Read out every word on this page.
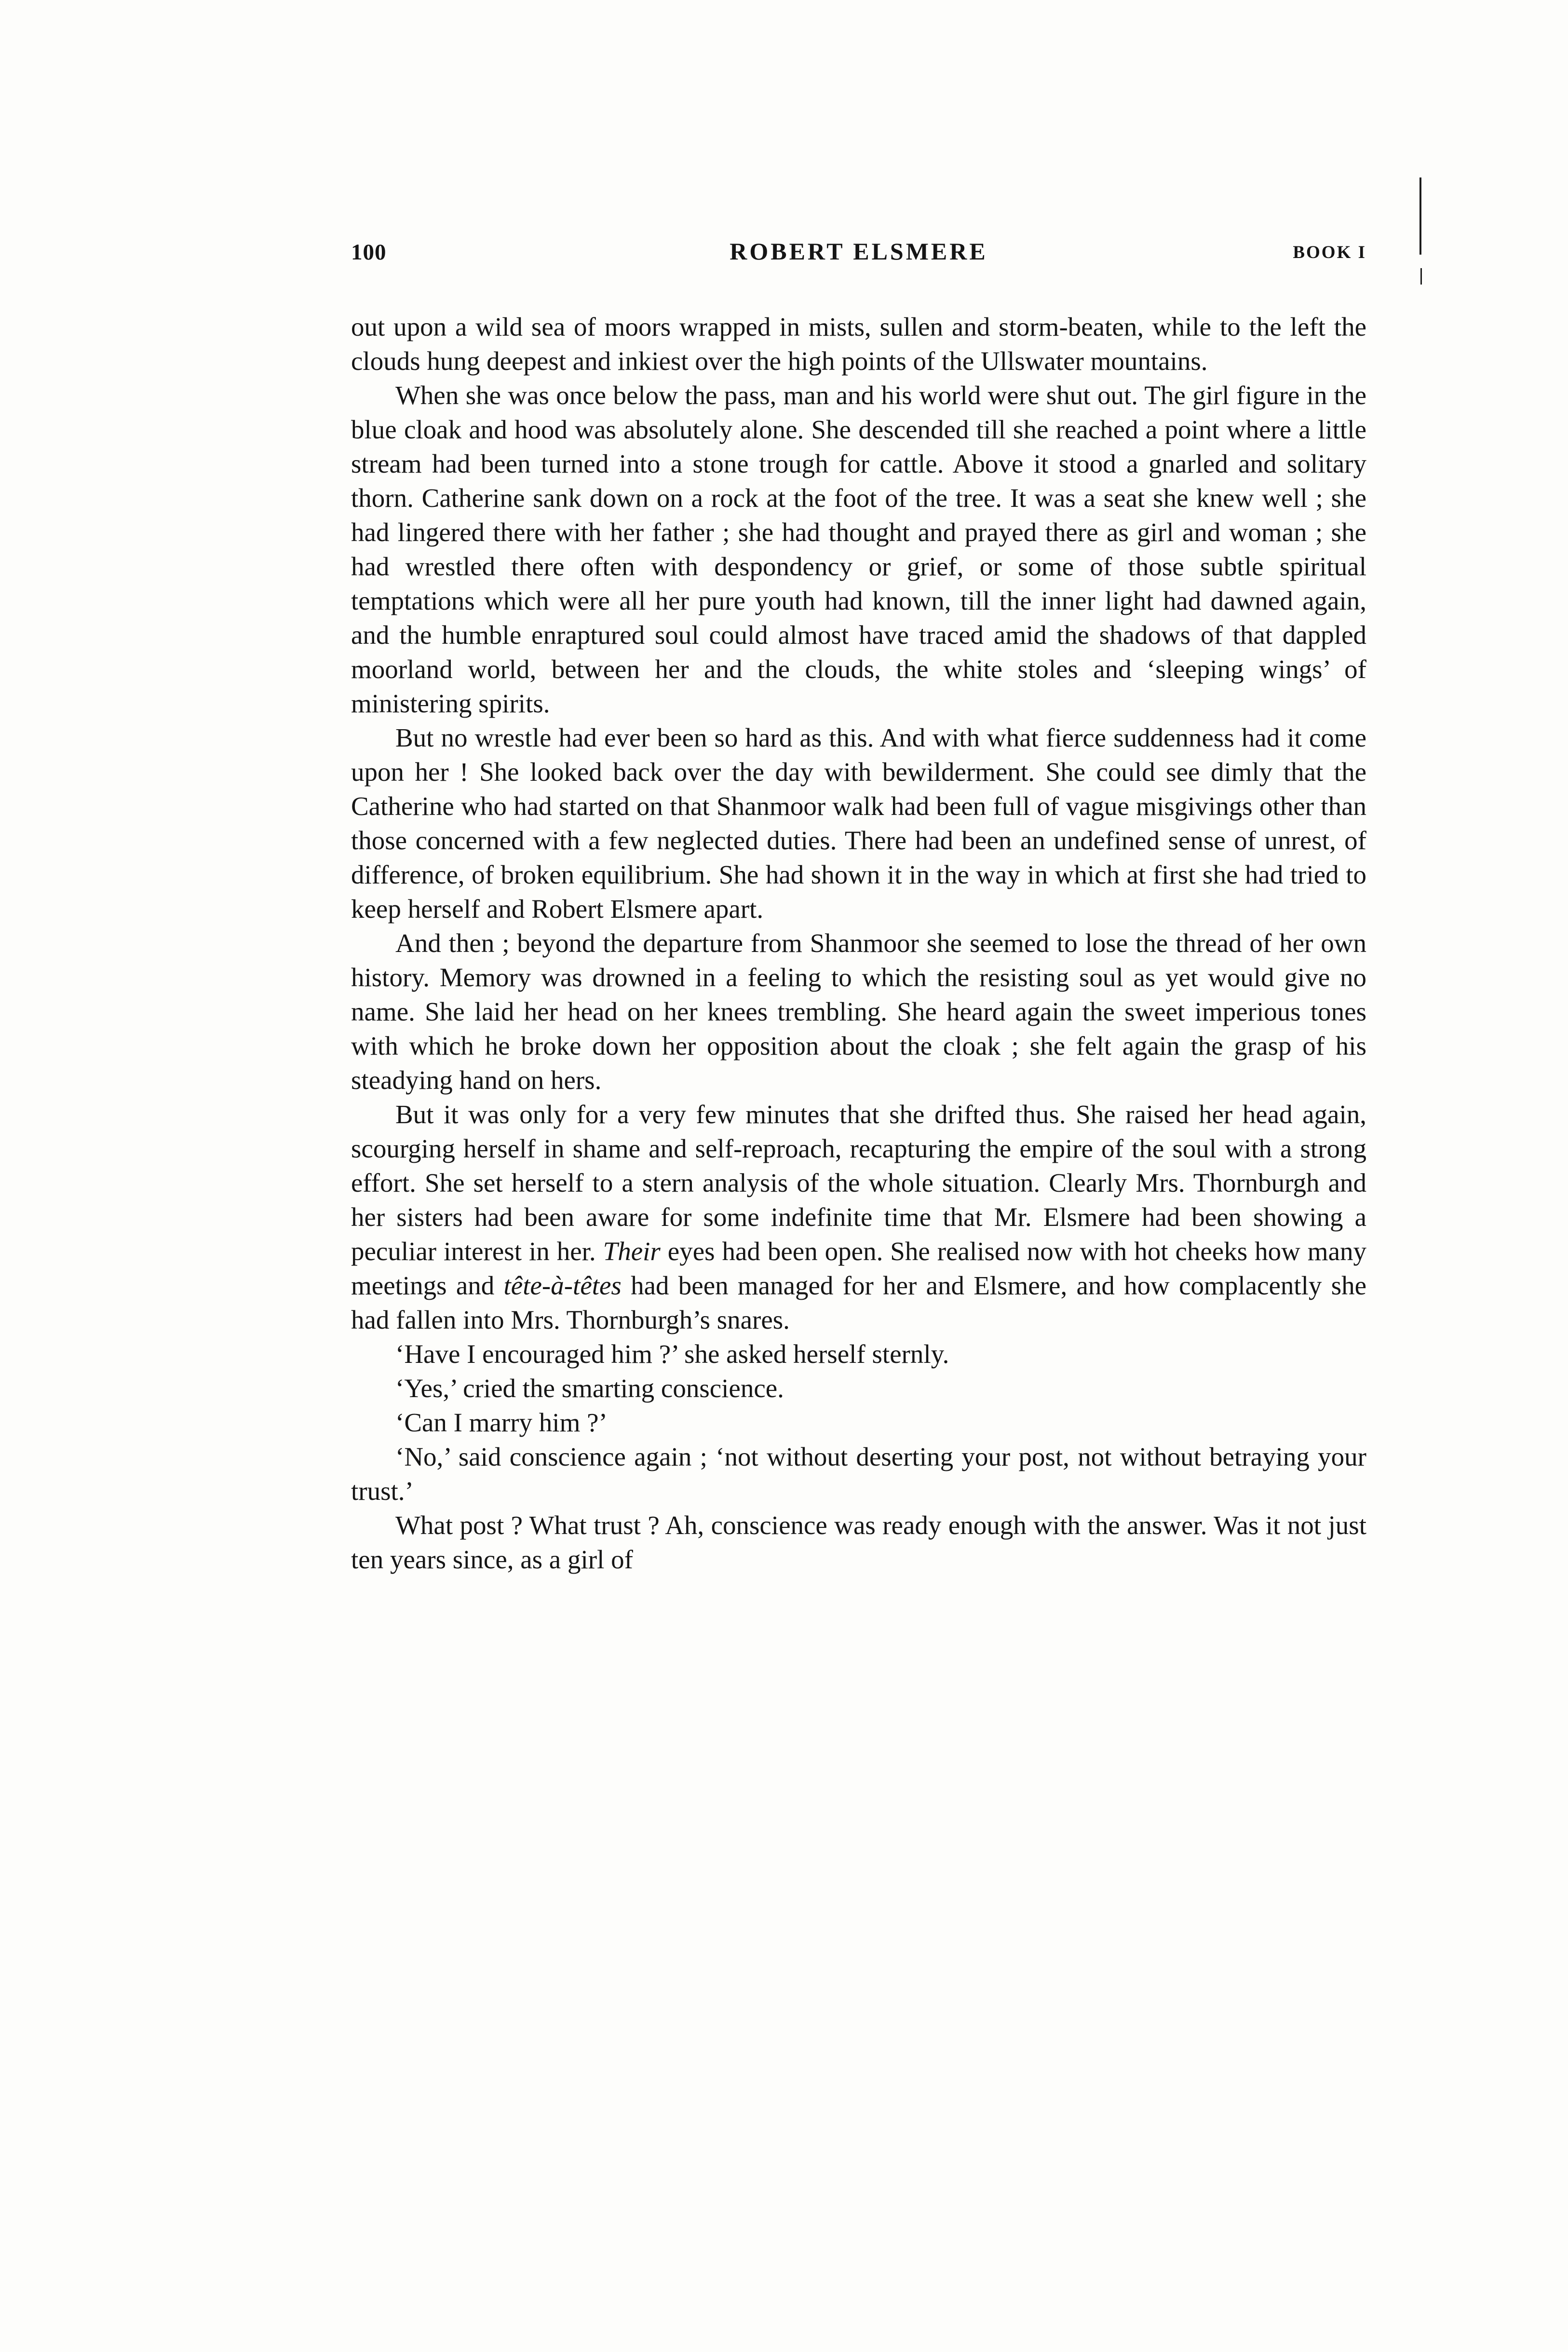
100	ROBERT ELSMERE	BOOK I

out upon a wild sea of moors wrapped in mists, sullen and storm-beaten, while to the left the clouds hung deepest and inkiest over the high points of the Ullswater mountains.

When she was once below the pass, man and his world were shut out. The girl figure in the blue cloak and hood was absolutely alone. She descended till she reached a point where a little stream had been turned into a stone trough for cattle. Above it stood a gnarled and solitary thorn. Catherine sank down on a rock at the foot of the tree. It was a seat she knew well ; she had lingered there with her father ; she had thought and prayed there as girl and woman ; she had wrestled there often with despondency or grief, or some of those subtle spiritual temptations which were all her pure youth had known, till the inner light had dawned again, and the humble enraptured soul could almost have traced amid the shadows of that dappled moorland world, between her and the clouds, the white stoles and ‘sleeping wings’ of ministering spirits.

But no wrestle had ever been so hard as this. And with what fierce suddenness had it come upon her ! She looked back over the day with bewilderment. She could see dimly that the Catherine who had started on that Shanmoor walk had been full of vague misgivings other than those concerned with a few neglected duties. There had been an undefined sense of unrest, of difference, of broken equilibrium. She had shown it in the way in which at first she had tried to keep herself and Robert Elsmere apart.

And then ; beyond the departure from Shanmoor she seemed to lose the thread of her own history. Memory was drowned in a feeling to which the resisting soul as yet would give no name. She laid her head on her knees trembling. She heard again the sweet imperious tones with which he broke down her opposition about the cloak ; she felt again the grasp of his steadying hand on hers.

But it was only for a very few minutes that she drifted thus. She raised her head again, scourging herself in shame and self-reproach, recapturing the empire of the soul with a strong effort. She set herself to a stern analysis of the whole situation. Clearly Mrs. Thornburgh and her sisters had been aware for some indefinite time that Mr. Elsmere had been showing a peculiar interest in her. Their eyes had been open. She realised now with hot cheeks how many meetings and tête-à-têtes had been managed for her and Elsmere, and how complacently she had fallen into Mrs. Thornburgh’s snares.

‘Have I encouraged him ?’ she asked herself sternly.

‘Yes,’ cried the smarting conscience.

‘Can I marry him ?’

‘No,’ said conscience again ; ‘not without deserting your post, not without betraying your trust.’

What post ? What trust ? Ah, conscience was ready enough with the answer. Was it not just ten years since, as a girl of
